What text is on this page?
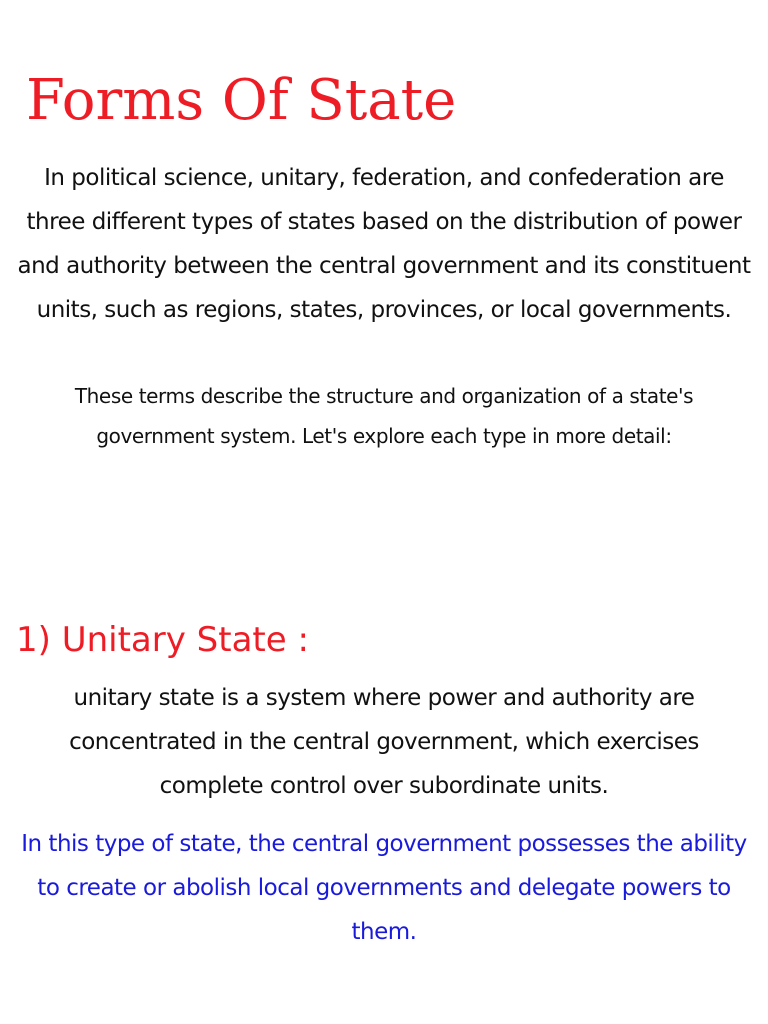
Forms Of State

In political science, unitary, federation, and confederation are three different types of states based on the distribution of power and authority between the central government and its constituent units, such as regions, states, provinces, or local governments.

These terms describe the structure and organization of a state's government system. Let's explore each type in more detail:

1) Unitary State :

unitary state is a system where power and authority are concentrated in the central government, which exercises complete control over subordinate units.

In this type of state, the central government possesses the ability to create or abolish local governments and delegate powers to them.
